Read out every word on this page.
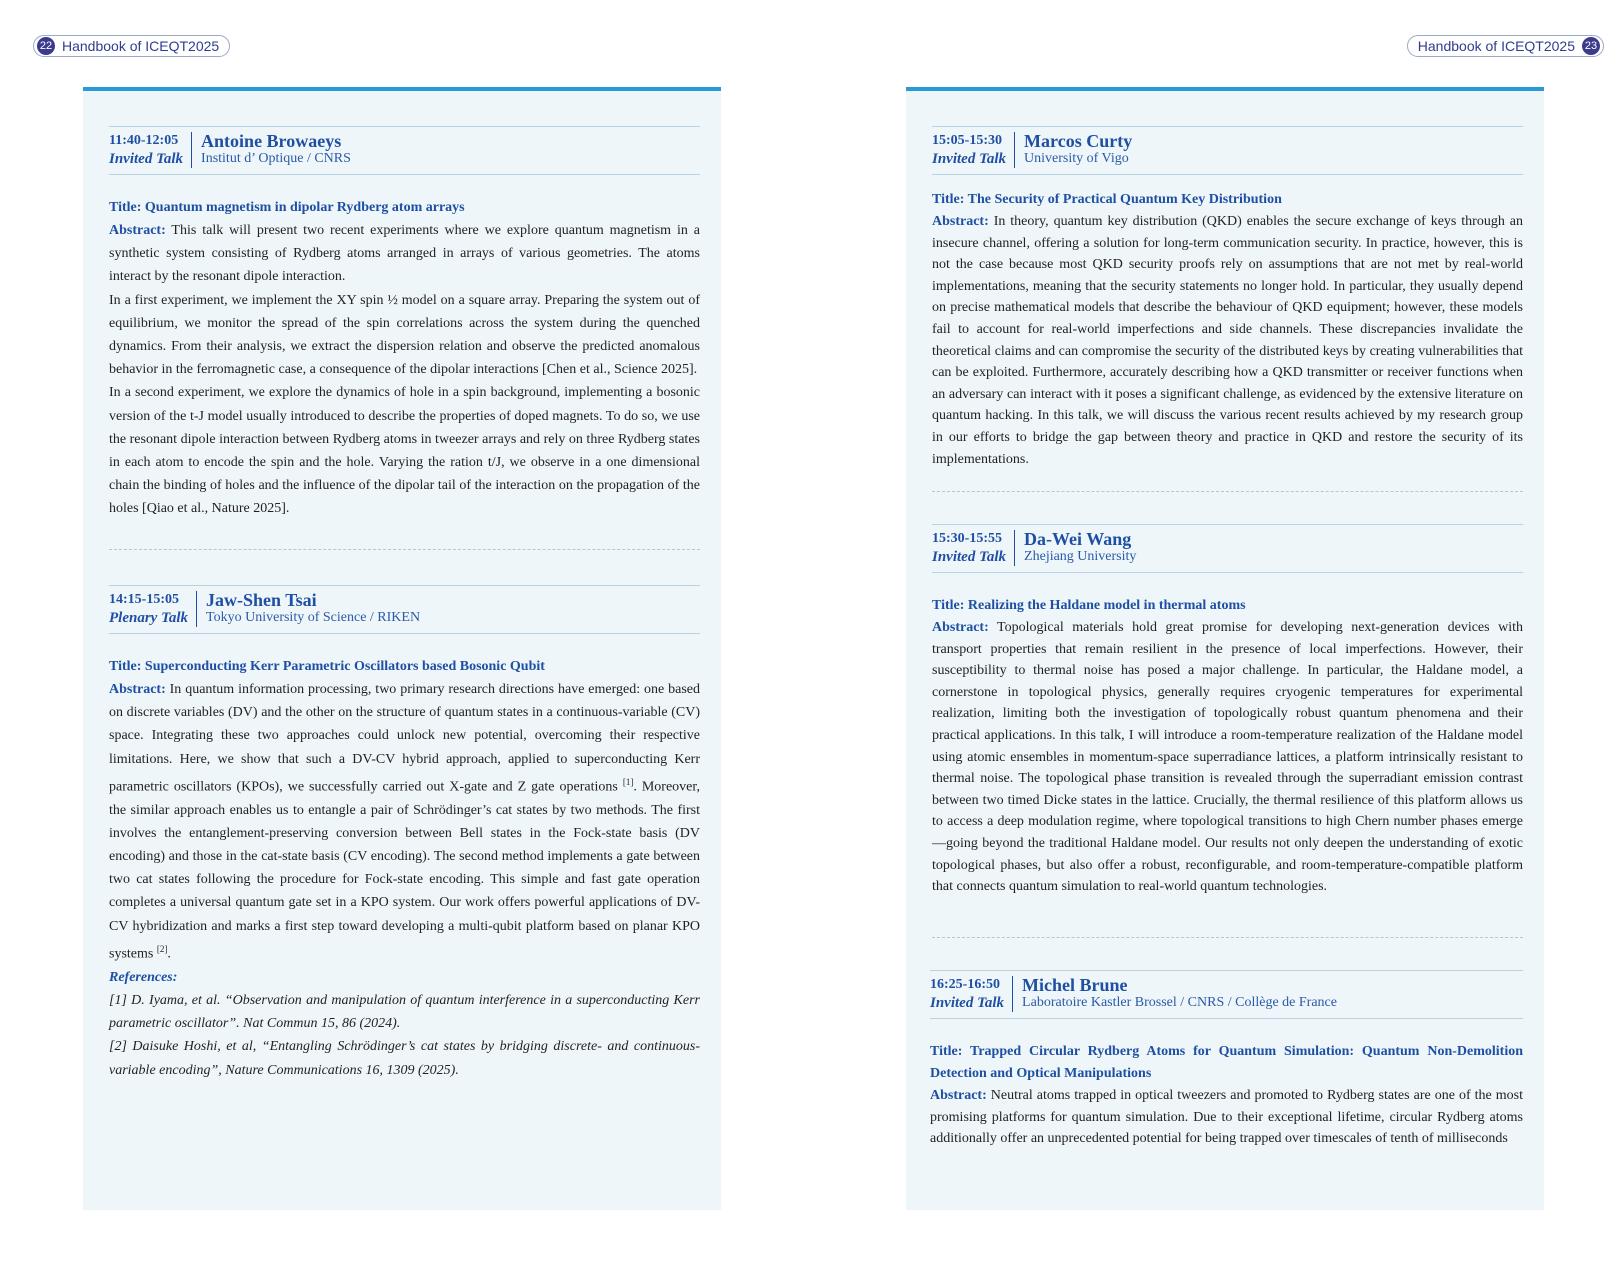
22 Handbook of ICEQT2025	Handbook of ICEQT2025 23
11:40-12:05
Invited Talk
Antoine Browaeys
Institut d’ Optique / CNRS
Title: Quantum magnetism in dipolar Rydberg atom arrays

Abstract: This talk will present two recent experiments where we explore quantum magnetism in a synthetic system consisting of Rydberg atoms arranged in arrays of various geometries. The atoms interact by the resonant dipole interaction.

In a first experiment, we implement the XY spin ½ model on a square array. Preparing the system out of equilibrium, we monitor the spread of the spin correlations across the system during the quenched dynamics. From their analysis, we extract the dispersion relation and observe the predicted anomalous behavior in the ferromagnetic case, a consequence of the dipolar interactions [Chen et al., Science 2025].

In a second experiment, we explore the dynamics of hole in a spin background, implementing a bosonic version of the t-J model usually introduced to describe the properties of doped magnets. To do so, we use the resonant dipole interaction between Rydberg atoms in tweezer arrays and rely on three Rydberg states in each atom to encode the spin and the hole. Varying the ration t/J, we observe in a one dimensional chain the binding of holes and the influence of the dipolar tail of the interaction on the propagation of the holes [Qiao et al., Nature 2025].

14:15-15:05
Plenary Talk
Jaw-Shen Tsai
Tokyo University of Science / RIKEN
Title: Superconducting Kerr Parametric Oscillators based Bosonic Qubit

Abstract: In quantum information processing, two primary research directions have emerged: one based on discrete variables (DV) and the other on the structure of quantum states in a continuous-variable (CV) space. Integrating these two approaches could unlock new potential, overcoming their respective limitations. Here, we show that such a DV-CV hybrid approach, applied to superconducting Kerr parametric oscillators (KPOs), we successfully carried out X-gate and Z gate operations [1]. Moreover, the similar approach enables us to entangle a pair of Schrödinger’s cat states by two methods. The first involves the entanglement-preserving conversion between Bell states in the Fock-state basis (DV encoding) and those in the cat-state basis (CV encoding). The second method implements a gate between two cat states following the procedure for Fock-state encoding. This simple and fast gate operation completes a universal quantum gate set in a KPO system. Our work offers powerful applications of DV-CV hybridization and marks a first step toward developing a multi-qubit platform based on planar KPO systems [2].

References:

[1] D. Iyama, et al. “Observation and manipulation of quantum interference in a superconducting Kerr parametric oscillator”. Nat Commun 15, 86 (2024).

[2] Daisuke Hoshi, et al, “Entangling Schrödinger’s cat states by bridging discrete- and continuous-variable encoding”, Nature Communications 16, 1309 (2025).

15:05-15:30
Invited Talk
Marcos Curty
University of Vigo
Title: The Security of Practical Quantum Key Distribution

Abstract: In theory, quantum key distribution (QKD) enables the secure exchange of keys through an insecure channel, offering a solution for long-term communication security. In practice, however, this is not the case because most QKD security proofs rely on assumptions that are not met by real-world implementations, meaning that the security statements no longer hold. In particular, they usually depend on precise mathematical models that describe the behaviour of QKD equipment; however, these models fail to account for real-world imperfections and side channels. These discrepancies invalidate the theoretical claims and can compromise the security of the distributed keys by creating vulnerabilities that can be exploited. Furthermore, accurately describing how a QKD transmitter or receiver functions when an adversary can interact with it poses a significant challenge, as evidenced by the extensive literature on quantum hacking. In this talk, we will discuss the various recent results achieved by my research group in our efforts to bridge the gap between theory and practice in QKD and restore the security of its implementations.

15:30-15:55
Invited Talk
Da-Wei Wang
Zhejiang University
Title: Realizing the Haldane model in thermal atoms

Abstract: Topological materials hold great promise for developing next-generation devices with transport properties that remain resilient in the presence of local imperfections. However, their susceptibility to thermal noise has posed a major challenge. In particular, the Haldane model, a cornerstone in topological physics, generally requires cryogenic temperatures for experimental realization, limiting both the investigation of topologically robust quantum phenomena and their practical applications. In this talk, I will introduce a room-temperature realization of the Haldane model using atomic ensembles in momentum-space superradiance lattices, a platform intrinsically resistant to thermal noise. The topological phase transition is revealed through the superradiant emission contrast between two timed Dicke states in the lattice. Crucially, the thermal resilience of this platform allows us to access a deep modulation regime, where topological transitions to high Chern number phases emerge—going beyond the traditional Haldane model. Our results not only deepen the understanding of exotic topological phases, but also offer a robust, reconfigurable, and room-temperature-compatible platform that connects quantum simulation to real-world quantum technologies.

16:25-16:50
Invited Talk
Michel Brune
Laboratoire Kastler Brossel / CNRS / Collège de France
Title: Trapped Circular Rydberg Atoms for Quantum Simulation: Quantum Non-Demolition Detection and Optical Manipulations

Abstract: Neutral atoms trapped in optical tweezers and promoted to Rydberg states are one of the most promising platforms for quantum simulation. Due to their exceptional lifetime, circular Rydberg atoms additionally offer an unprecedented potential for being trapped over timescales of tenth of milliseconds
